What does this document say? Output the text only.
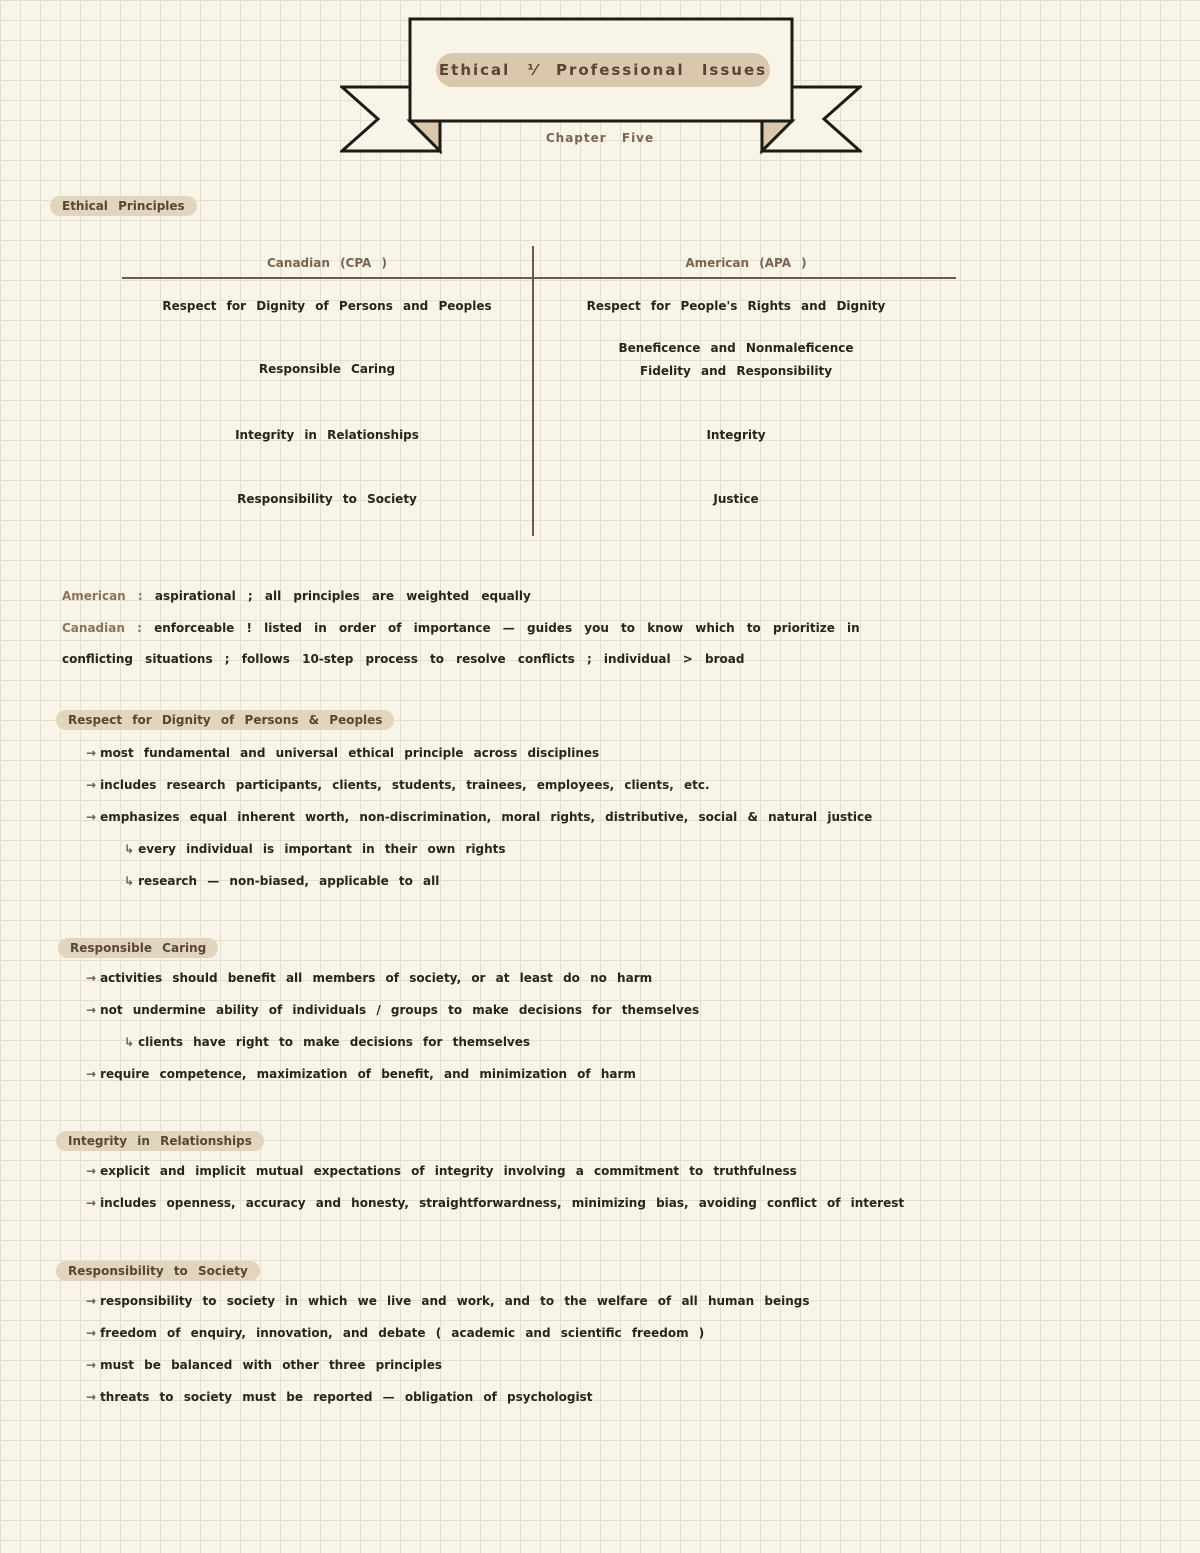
Ethical ⅟ Professional Issues
Chapter Five
Ethical Principles
Canadian (CPA )	American (APA )
Respect for Dignity of Persons and Peoples
Responsible Caring
Integrity in Relationships
Responsibility to Society
Respect for People's Rights and Dignity
Beneficence and Nonmaleficence
Fidelity and Responsibility
Integrity
Justice
American : aspirational ; all principles are weighted equally
Canadian : enforceable ! listed in order of importance — guides you to know which to prioritize in
conflicting situations ; follows 10-step process to resolve conflicts ; individual > broad
Respect for Dignity of Persons & Peoples
→ most fundamental and universal ethical principle across disciplines
→ includes research participants, clients, students, trainees, employees, clients, etc.
→ emphasizes equal inherent worth, non-discrimination, moral rights, distributive, social & natural justice
↳ every individual is important in their own rights
↳ research — non-biased, applicable to all
Responsible Caring
→ activities should benefit all members of society, or at least do no harm
→ not undermine ability of individuals / groups to make decisions for themselves
↳ clients have right to make decisions for themselves
→ require competence, maximization of benefit, and minimization of harm
Integrity in Relationships
→ explicit and implicit mutual expectations of integrity involving a commitment to truthfulness
→ includes openness, accuracy and honesty, straightforwardness, minimizing bias, avoiding conflict of interest
Responsibility to Society
→ responsibility to society in which we live and work, and to the welfare of all human beings
→ freedom of enquiry, innovation, and debate ( academic and scientific freedom )
→ must be balanced with other three principles
→ threats to society must be reported — obligation of psychologist
